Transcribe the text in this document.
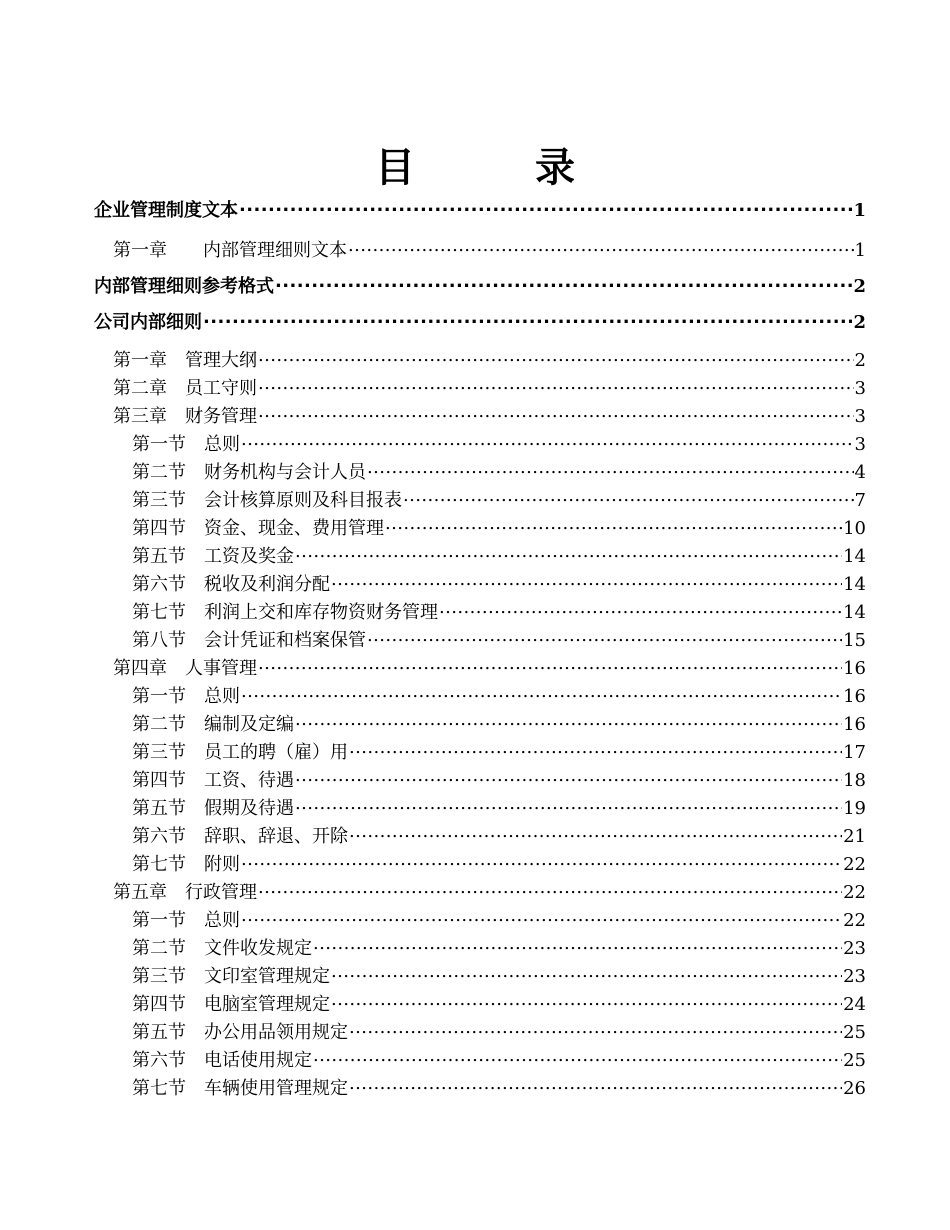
目　录
企业管理制度文本 .....	1
第一章　　 内部管理细则文本 .....	1
内部管理细则参考格式 .....	2
公司内部细则 .....	2
第一章　 管理大纲 .....	2
第二章　 员工守则 .....	3
第三章　 财务管理 .....	3
第一节　 总则 .....	3
第二节　 财务机构与会计人员 .....	4
第三节　 会计核算原则及科目报表 .....	7
第四节　 资金、现金、费用管理 .....	10
第五节　 工资及奖金 .....	14
第六节　 税收及利润分配 .....	14
第七节　 利润上交和库存物资财务管理 .....	14
第八节　 会计凭证和档案保管 .....	15
第四章　 人事管理 .....	16
第一节　 总则 .....	16
第二节　 编制及定编 .....	16
第三节　 员工的聘（雇）用 .....	17
第四节　 工资、待遇 .....	18
第五节　 假期及待遇 .....	19
第六节　 辞职、辞退、开除 .....	21
第七节　 附则 .....	22
第五章　 行政管理 .....	22
第一节　 总则 .....	22
第二节　 文件收发规定 .....	23
第三节　 文印室管理规定 .....	23
第四节　 电脑室管理规定 .....	24
第五节　 办公用品领用规定 .....	25
第六节　 电话使用规定 .....	25
第七节　 车辆使用管理规定 .....	26
